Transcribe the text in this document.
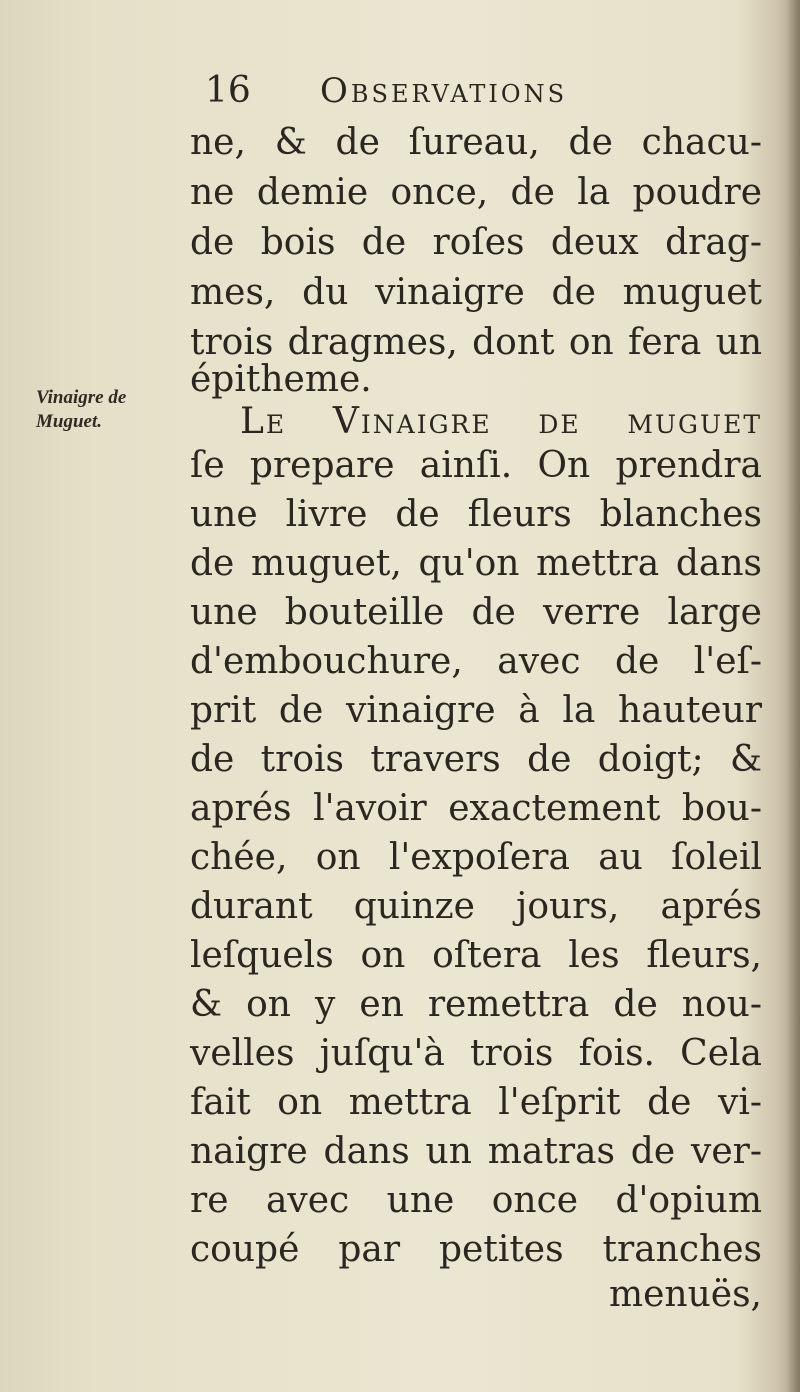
16 Observations
Vinaigre de
Muguet.
ne, & de ſureau, de chacu-
ne demie once, de la poudre
de bois de roſes deux drag-
mes, du vinaigre de muguet
trois dragmes, dont on fera un
épitheme.
Le Vinaigre de muguet
ſe prepare ainſi. On prendra
une livre de fleurs blanches
de muguet, qu'on mettra dans
une bouteille de verre large
d'embouchure, avec de l'eſ-
prit de vinaigre à la hauteur
de trois travers de doigt; &
aprés l'avoir exactement bou-
chée, on l'expoſera au ſoleil
durant quinze jours, aprés
leſquels on oſtera les fleurs,
& on y en remettra de nou-
velles juſqu'à trois fois. Cela
fait on mettra l'eſprit de vi-
naigre dans un matras de ver-
re avec une once d'opium
coupé par petites tranches
menuës,
